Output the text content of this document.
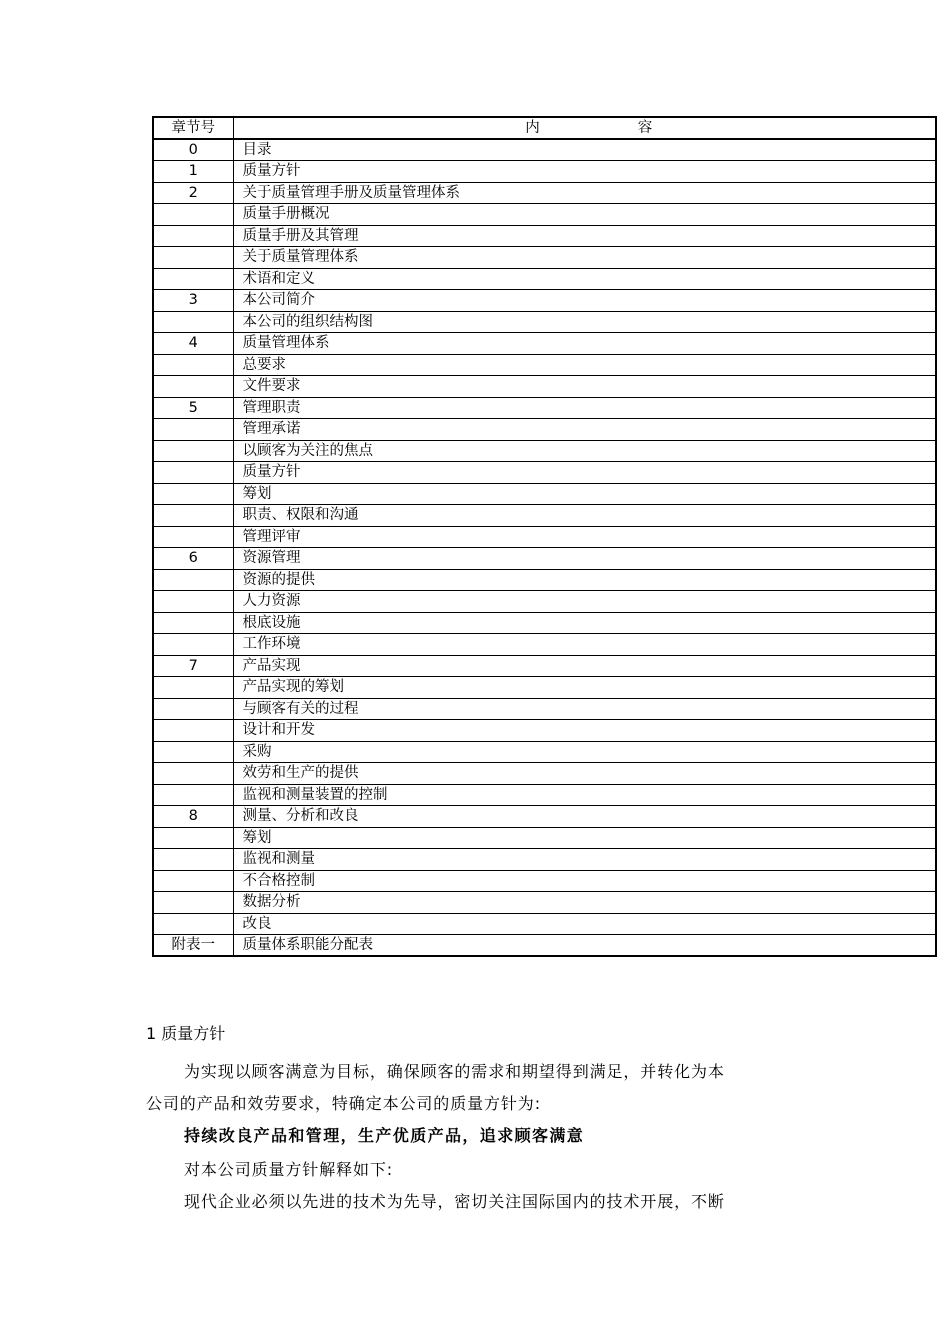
章节号	内 容
0	目录
1	质量方针
2	关于质量管理手册及质量管理体系
	质量手册概况
	质量手册及其管理
	关于质量管理体系
	术语和定义
3	本公司简介
	本公司的组织结构图
4	质量管理体系
	总要求
	文件要求
5	管理职责
	管理承诺
	以顾客为关注的焦点
	质量方针
	筹划
	职责、权限和沟通
	管理评审
6	资源管理
	资源的提供
	人力资源
	根底设施
	工作环境
7	产品实现
	产品实现的筹划
	与顾客有关的过程
	设计和开发
	采购
	效劳和生产的提供
	监视和测量装置的控制
8	测量、分析和改良
	筹划
	监视和测量
	不合格控制
	数据分析
	改良
附表一	质量体系职能分配表
1 质量方针
为实现以顾客满意为目标，确保顾客的需求和期望得到满足，并转化为本
公司的产品和效劳要求，特确定本公司的质量方针为:
持续改良产品和管理，生产优质产品，追求顾客满意
对本公司质量方针解释如下:
现代企业必须以先进的技术为先导，密切关注国际国内的技术开展，不断
